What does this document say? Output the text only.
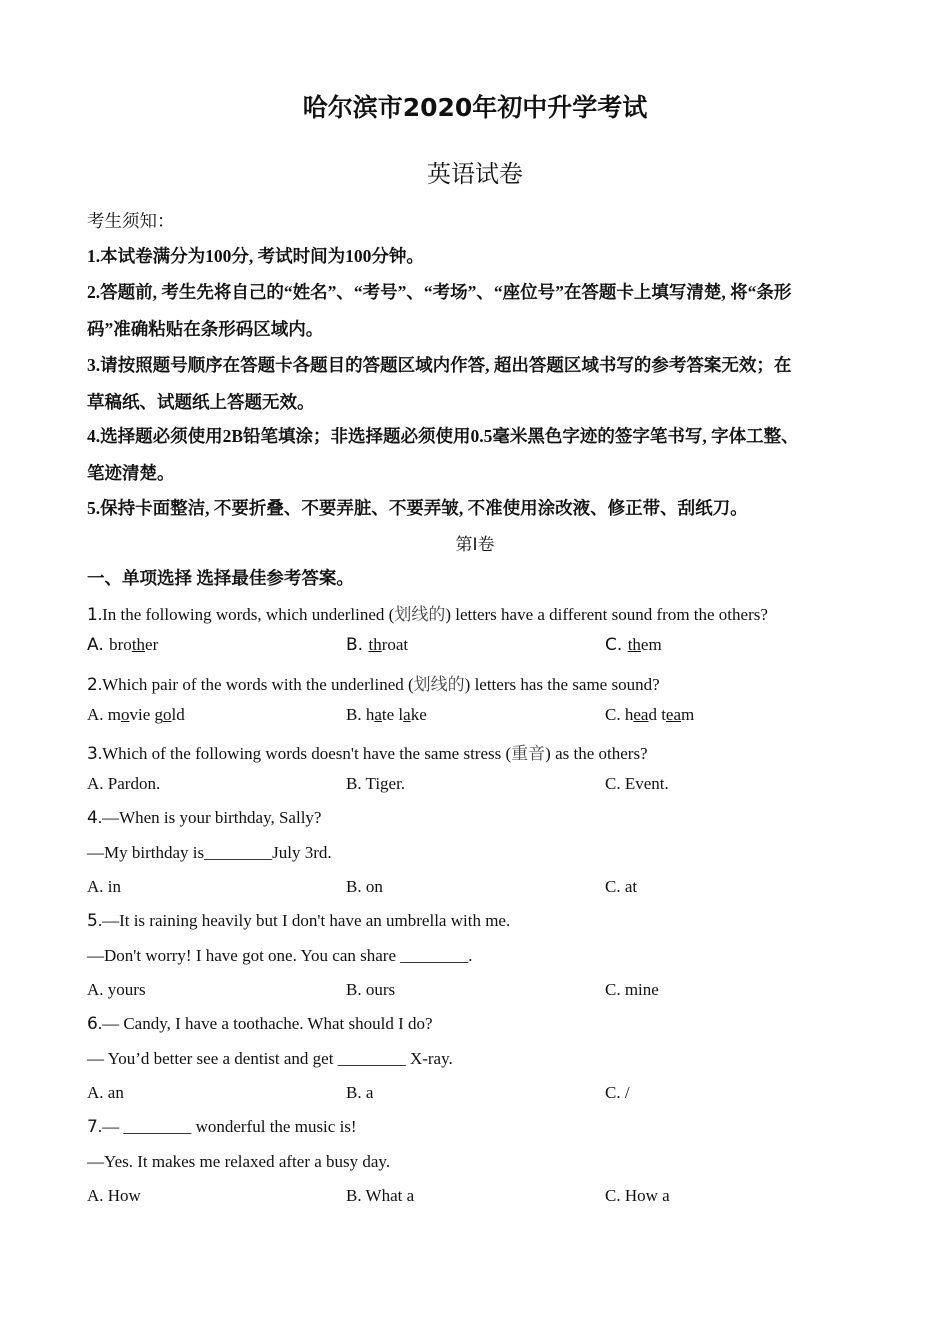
哈尔滨市2020年初中升学考试
英语试卷
考生须知：
1.本试卷满分为100分, 考试时间为100分钟。
2.答题前, 考生先将自己的“姓名”、“考号”、“考场”、“座位号”在答题卡上填写清楚, 将“条形
码”准确粘贴在条形码区域内。
3.请按照题号顺序在答题卡各题目的答题区域内作答, 超出答题区域书写的参考答案无效；在
草稿纸、试题纸上答题无效。
4.选择题必须使用2B铅笔填涂；非选择题必须使用0.5毫米黑色字迹的签字笔书写, 字体工整、
笔迹清楚。
5.保持卡面整洁, 不要折叠、不要弄脏、不要弄皱, 不准使用涂改液、修正带、刮纸刀。
第Ⅰ卷
一、单项选择 选择最佳参考答案。
1.In the following words, which underlined (划线的) letters have a different sound from the others?
A. brother	B. throat	C. them
2.Which pair of the words with the underlined (划线的) letters has the same sound?
A. movie gold	B. hate lake	C. head team
3.Which of the following words doesn't have the same stress (重音) as the others?
A. Pardon.	B. Tiger.	C. Event.
4.—When is your birthday, Sally?
—My birthday is________July 3rd.
A. in	B. on	C. at
5.—It is raining heavily but I don't have an umbrella with me.
—Don't worry! I have got one. You can share ________.
A. yours	B. ours	C. mine
6.— Candy, I have a toothache. What should I do?
— You’d better see a dentist and get ________ X-ray.
A. an	B. a	C. /
7.— ________ wonderful the music is!
—Yes. It makes me relaxed after a busy day.
A. How	B. What a	C. How a
